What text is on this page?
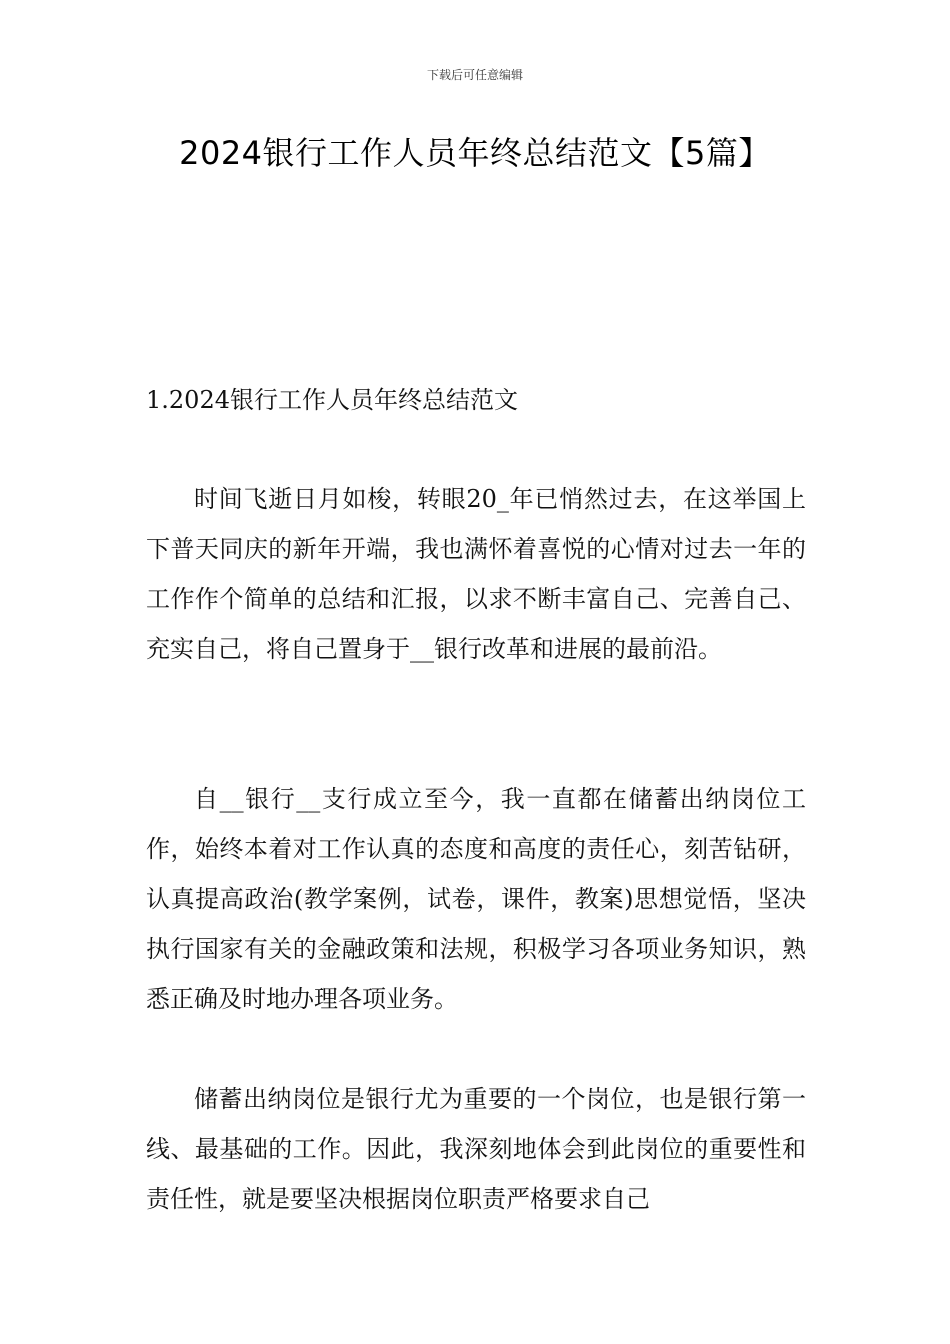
下载后可任意编辑
2024银行工作人员年终总结范文【5篇】
1.2024银行工作人员年终总结范文

时间飞逝日月如梭，转眼20_年已悄然过去，在这举国上下普天同庆的新年开端，我也满怀着喜悦的心情对过去一年的工作作个简单的总结和汇报，以求不断丰富自己、完善自己、充实自己，将自己置身于__银行改革和进展的最前沿。

自__银行__支行成立至今，我一直都在储蓄出纳岗位工作，始终本着对工作认真的态度和高度的责任心，刻苦钻研，认真提高政治(教学案例，试卷，课件，教案)思想觉悟，坚决执行国家有关的金融政策和法规，积极学习各项业务知识，熟悉正确及时地办理各项业务。

储蓄出纳岗位是银行尤为重要的一个岗位，也是银行第一线、最基础的工作。因此，我深刻地体会到此岗位的重要性和责任性，就是要坚决根据岗位职责严格要求自己
